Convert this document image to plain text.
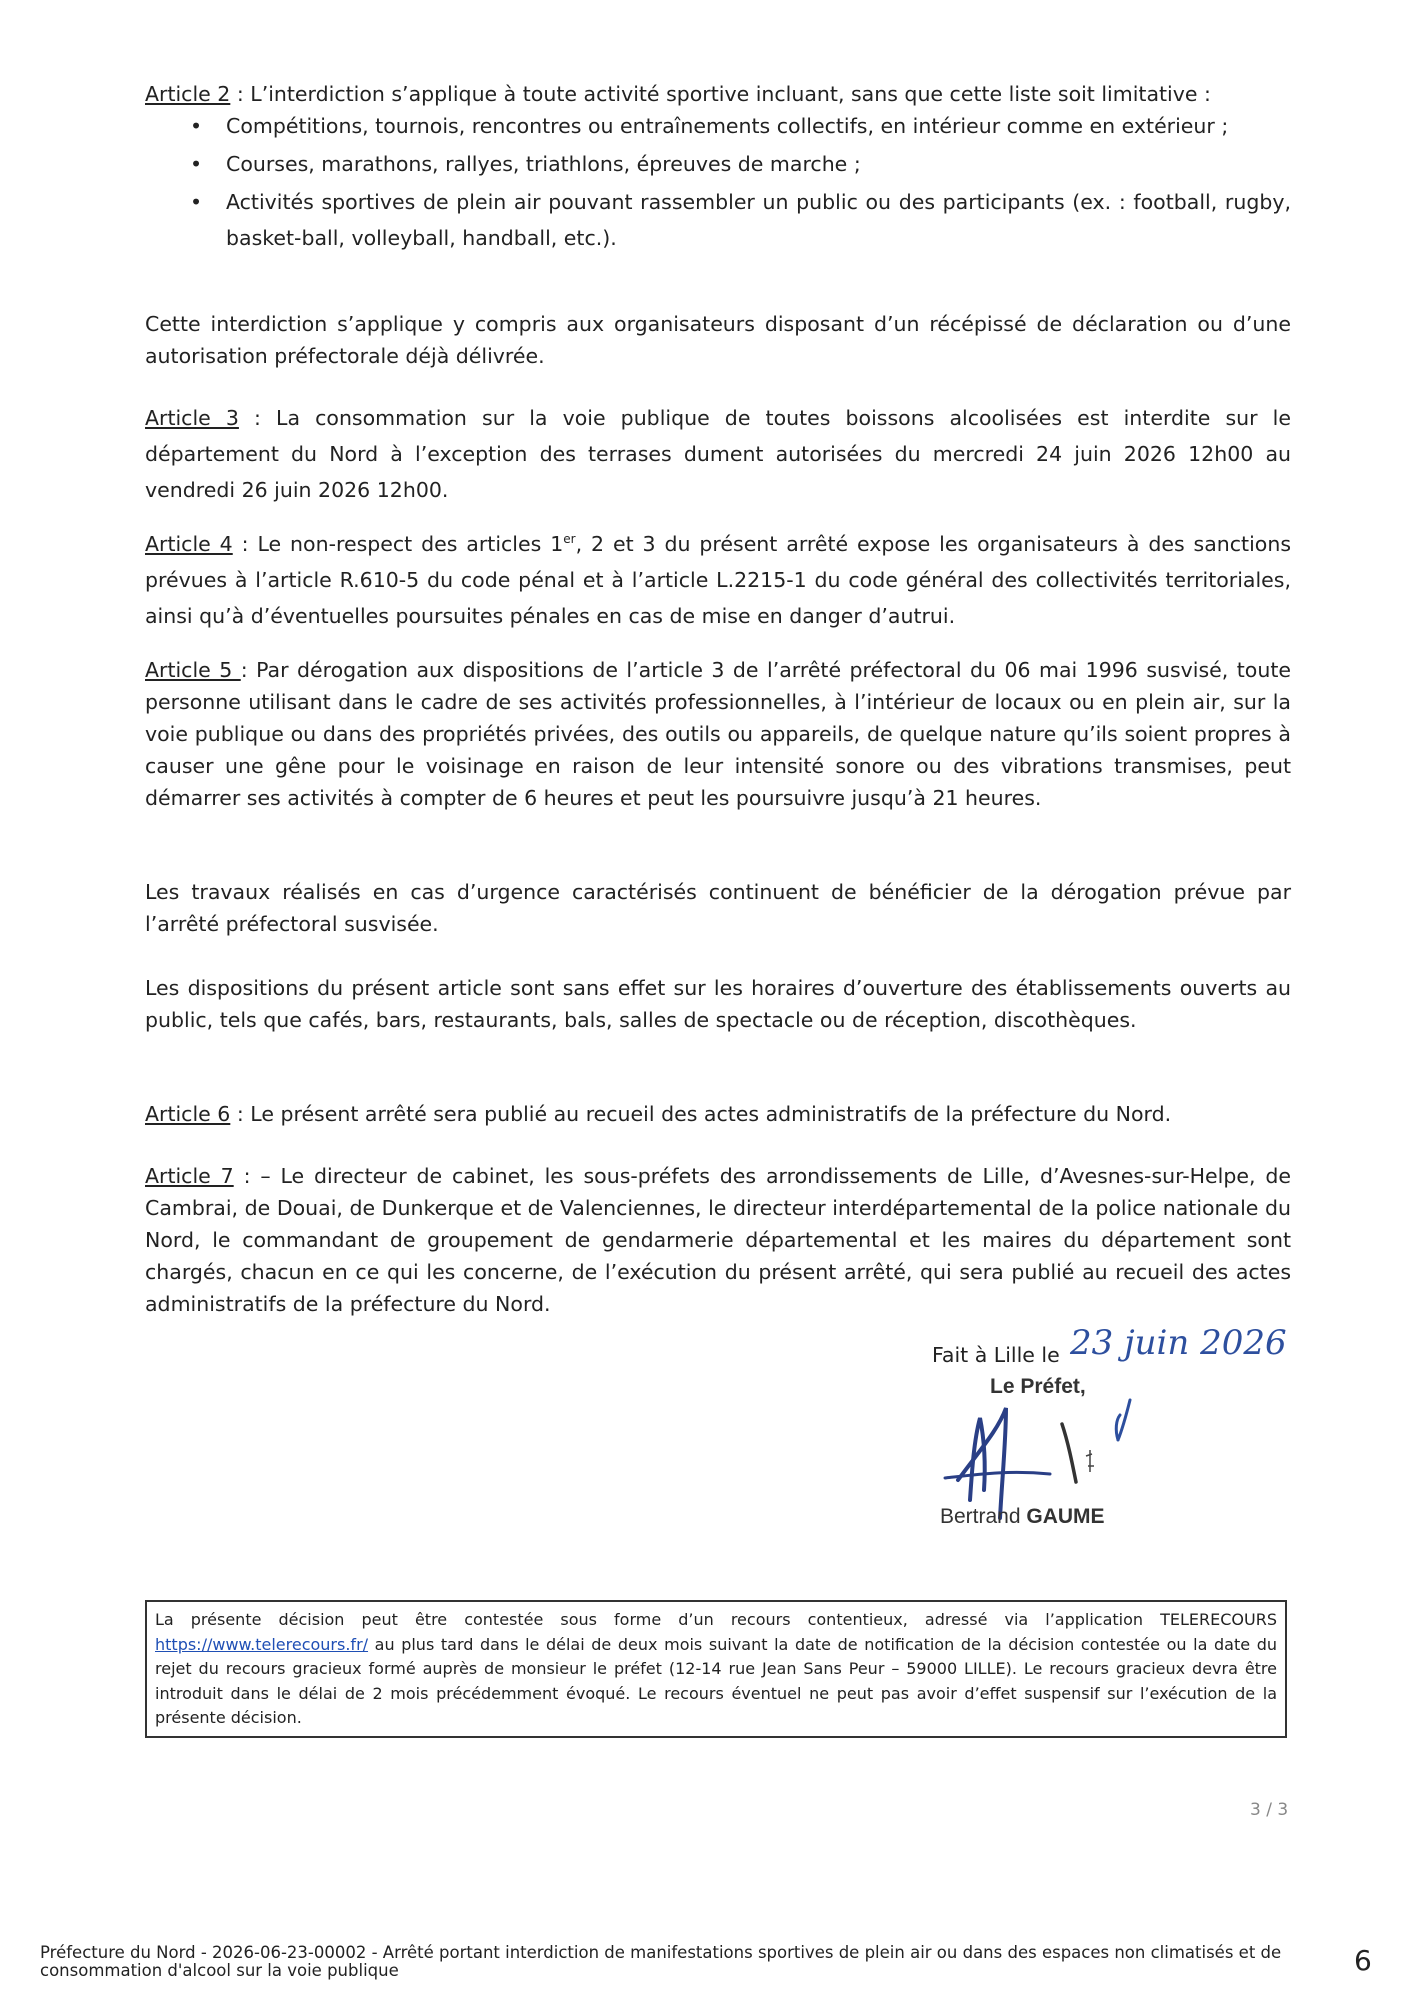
Article 2 : L’interdiction s’applique à toute activité sportive incluant, sans que cette liste soit limitative :
• Compétitions, tournois, rencontres ou entraînements collectifs, en intérieur comme en extérieur ;
• Courses, marathons, rallyes, triathlons, épreuves de marche ;
• Activités sportives de plein air pouvant rassembler un public ou des participants (ex. : football, rugby, basket-ball, volleyball, handball, etc.).
Cette interdiction s’applique y compris aux organisateurs disposant d’un récépissé de déclaration ou d’une autorisation préfectorale déjà délivrée.
Article 3 : La consommation sur la voie publique de toutes boissons alcoolisées est interdite sur le département du Nord à l’exception des terrases dument autorisées du mercredi 24 juin 2026 12h00 au vendredi 26 juin 2026 12h00.
Article 4 : Le non-respect des articles 1er, 2 et 3 du présent arrêté expose les organisateurs à des sanctions prévues à l’article R.610-5 du code pénal et à l’article L.2215-1 du code général des collectivités territoriales, ainsi qu’à d’éventuelles poursuites pénales en cas de mise en danger d’autrui.
Article 5 : Par dérogation aux dispositions de l’article 3 de l’arrêté préfectoral du 06 mai 1996 susvisé, toute personne utilisant dans le cadre de ses activités professionnelles, à l’intérieur de locaux ou en plein air, sur la voie publique ou dans des propriétés privées, des outils ou appareils, de quelque nature qu’ils soient propres à causer une gêne pour le voisinage en raison de leur intensité sonore ou des vibrations transmises, peut démarrer ses activités à compter de 6 heures et peut les poursuivre jusqu’à 21 heures.
Les travaux réalisés en cas d’urgence caractérisés continuent de bénéficier de la dérogation prévue par l’arrêté préfectoral susvisée.
Les dispositions du présent article sont sans effet sur les horaires d’ouverture des établissements ouverts au public, tels que cafés, bars, restaurants, bals, salles de spectacle ou de réception, discothèques.
Article 6 : Le présent arrêté sera publié au recueil des actes administratifs de la préfecture du Nord.
Article 7 : – Le directeur de cabinet, les sous-préfets des arrondissements de Lille, d’Avesnes-sur-Helpe, de Cambrai, de Douai, de Dunkerque et de Valenciennes, le directeur interdépartemental de la police nationale du Nord, le commandant de groupement de gendarmerie départemental et les maires du département sont chargés, chacun en ce qui les concerne, de l’exécution du présent arrêté, qui sera publié au recueil des actes administratifs de la préfecture du Nord.
Fait à Lille le 23 juin 2026
Le Préfet,
Bertrand GAUME
La présente décision peut être contestée sous forme d’un recours contentieux, adressé via l’application TELERECOURS https://www.telerecours.fr/ au plus tard dans le délai de deux mois suivant la date de notification de la décision contestée ou la date du rejet du recours gracieux formé auprès de monsieur le préfet (12-14 rue Jean Sans Peur – 59000 LILLE). Le recours gracieux devra être introduit dans le délai de 2 mois précédemment évoqué. Le recours éventuel ne peut pas avoir d’effet suspensif sur l’exécution de la présente décision.
3 / 3
Préfecture du Nord - 2026-06-23-00002 - Arrêté portant interdiction de manifestations sportives de plein air ou dans des espaces non climatisés et de consommation d'alcool sur la voie publique	6
